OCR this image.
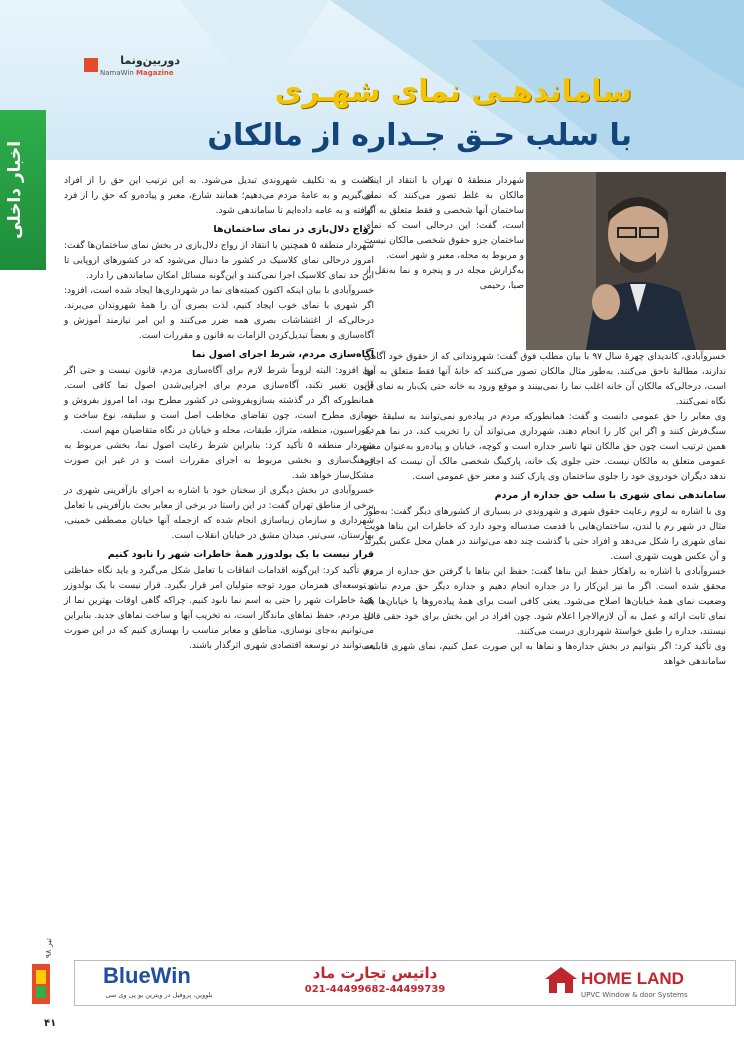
دوربین‌ونما
NamaWin Magazine
ساماندهـی نمای شهـری
با سلب حـق جـداره از مالکان
اخبار داخلی	شهردار منطقهٔ ۵ تهران با انتقاد از اینکه مالکان به غلط تصور می‌کنند که نمای ساختمان آنها شخصی و فقط متعلق به آنها است، گفت: این درحالی است که نمای ساختمان جزو حقوق شخصی مالکان نیست و مربوط به محله، معبر و شهر است.

به‌گزارش مجله در و پنجره و نما به‌نقل از صبا، رحیمی

خسروآبادی، کاندیدای چهرهٔ سال ۹۷ با بیان مطلب فوق گفت: شهروندانی که از حقوق خود آگاهی ندارند، مطالبهٔ ناحق می‌کنند. به‌طور مثال مالکان تصور می‌کنند که خانهٔ آنها فقط متعلق به آنها است، درحالی‌که مالکان آن خانه اغلب نما را نمی‌بینند و موقع ورود به خانه حتی یک‌بار به نمای آن نگاه نمی‌کنند.

وی معابر را حق عمومی دانست و گفت: همانطورکه مردم در پیاده‌رو نمی‌توانند به سلیقهٔ خود سنگ‌فرش کنند و اگر این کار را انجام دهند، شهرداری می‌تواند آن را تخریب کند، در نما هم به همین ترتیب است چون حق مالکان تنها تاسر جداره است و کوچه، خیابان و پیاده‌رو به‌عنوان معبر عمومی متعلق به مالکان نیست. حتی جلوی یک خانه، پارکینگ شخصی مالک آن نیست که اجازه ندهد دیگران خودروی خود را جلوی ساختمان وی پارک کنند و معبر حق عمومی است.

ساماندهی نمای شهری با سلب حق جداره از مردم

وی با اشاره به لزوم رعایت حقوق شهری و شهروندی در بسیاری از کشورهای دیگر گفت: به‌طور مثال در شهر رم یا لندن، ساختمان‌هایی با قدمت صدساله وجود دارد که خاطرات این بناها هویت نمای شهری را شکل می‌دهد و افراد حتی با گذشت چند دهه می‌توانند در همان محل عکس بگیرند و آن عکس هویت شهری است.

خسروآبادی با اشاره به راهکار حفظ این بناها گفت: حفظ این بناها با گرفتن حق جداره از مردم محقق شده است. اگر ما نیز این‌کار را در جداره انجام دهیم و جداره دیگر حق مردم نباشد، وضعیت نمای همهٔ خیابان‌ها اصلاح می‌شود. یعنی کافی است برای همهٔ پیاده‌روها یا خیابان‌ها یک نمای ثابت ارائه و عمل به آن لازم‌الاجرا اعلام شود. چون افراد در این بخش برای خود حقی قائل نیستند، جداره را طبق خواستهٔ شهرداری درست می‌کنند.

وی تأکید کرد: اگر بتوانیم در بخش جداره‌ها و نماها به این صورت عمل کنیم، نمای شهری قابلیت ساماندهی خواهد

داشت و به تکلیف شهروندی تبدیل می‌شود. به این ترتیب این حق را از افراد می‌گیریم و به عامهٔ مردم می‌دهیم؛ همانند شارع، معبر و پیاده‌رو که حق را از فرد گرفته و به عامه داده‌ایم تا ساماندهی شود.

رواج دلال‌بازی در نمای ساختمان‌ها

شهردار منطقه ۵ همچنین با انتقاد از رواج دلال‌بازی در بخش نمای ساختمان‌ها گفت: امروز درحالی نمای کلاسیک در کشور ما دنبال می‌شود که در کشورهای اروپایی تا این حد نمای کلاسیک اجرا نمی‌کنند و این‌گونه مسائل امکان ساماندهی را دارد.

خسروآبادی با بیان اینکه اکنون کمیته‌های نما در شهرداری‌ها ایجاد شده است، افزود: اگر شهری با نمای خوب ایجاد کنیم، لذت بصری آن را همهٔ شهروندان می‌برند. درحالی‌که از اغتشاشات بصری همه ضرر می‌کنند و این امر نیازمند آموزش و آگاه‌سازی و بعضاً تبدیل‌کردن الزامات به قانون و مقررات است.

آگاه‌سازی مردم، شرط اجرای اصول نما

وی افزود: البته لزوماً شرط لازم برای آگاه‌سازی مردم، قانون نیست و حتی اگر قانون تغییر نکند، آگاه‌سازی مردم برای اجرایی‌شدن اصول نما کافی است. همانطورکه اگر در گذشته بساز‌وبفروشی در کشور مطرح بود، اما امروز بفروش و بسازی مطرح است، چون تقاضای مخاطب اصل است و سلیقه، نوع ساخت و دکوراسیون، منطقه، متراژ، طبقات، محله و خیابان در نگاه متقاضیان مهم است.

شهردار منطقه ۵ تأکید کرد: بنابراین شرط رعایت اصول نما، بخشی مربوط به فرهنگ‌سازی و بخشی مربوط به اجرای مقررات است و در غیر این صورت مشکل‌ساز خواهد شد.

خسروآبادی در بخش دیگری از سخنان خود با اشاره به اجرای بازآفرینی شهری در برخی از مناطق تهران گفت: در این راستا در برخی از معابر بحث بازآفرینی با تعامل شهرداری و سازمان زیباسازی انجام شده که ازجمله آنها خیابان مصطفی خمینی، بهارستان، سی‌تیر، میدان مشق در خیابان انقلاب است.

قرار نیست با یک بولدوزر همهٔ خاطرات شهر را نابود کنیم

وی تأکید کرد: این‌گونه اقدامات اتفاقات با تعامل شکل می‌گیرد و باید نگاه حفاظتی و توسعه‌ای همزمان مورد توجه متولیان امر قرار بگیرد. قرار نیست با یک بولدوزر همهٔ خاطرات شهر را حتی به اسم نما نابود کنیم. چراکه گاهی اوقات بهترین نما از دید مردم، حفظ نماهای ماندگار است، نه تخریب آنها و ساخت نماهای جدید. بنابراین می‌توانیم به‌جای نوسازی، مناطق و معابر مناسب را بهسازی کنیم که در این صورت می‌توانند در توسعه اقتصادی شهری اثرگذار باشند.

تیر ۹۸
۴۱
BlueWin
بلووین، پروفیل در ویترین یو پی وی سی
داتیس تجارت ماد
021-44499682-44499739
HOME LAND
UPVC Window & door Systems
